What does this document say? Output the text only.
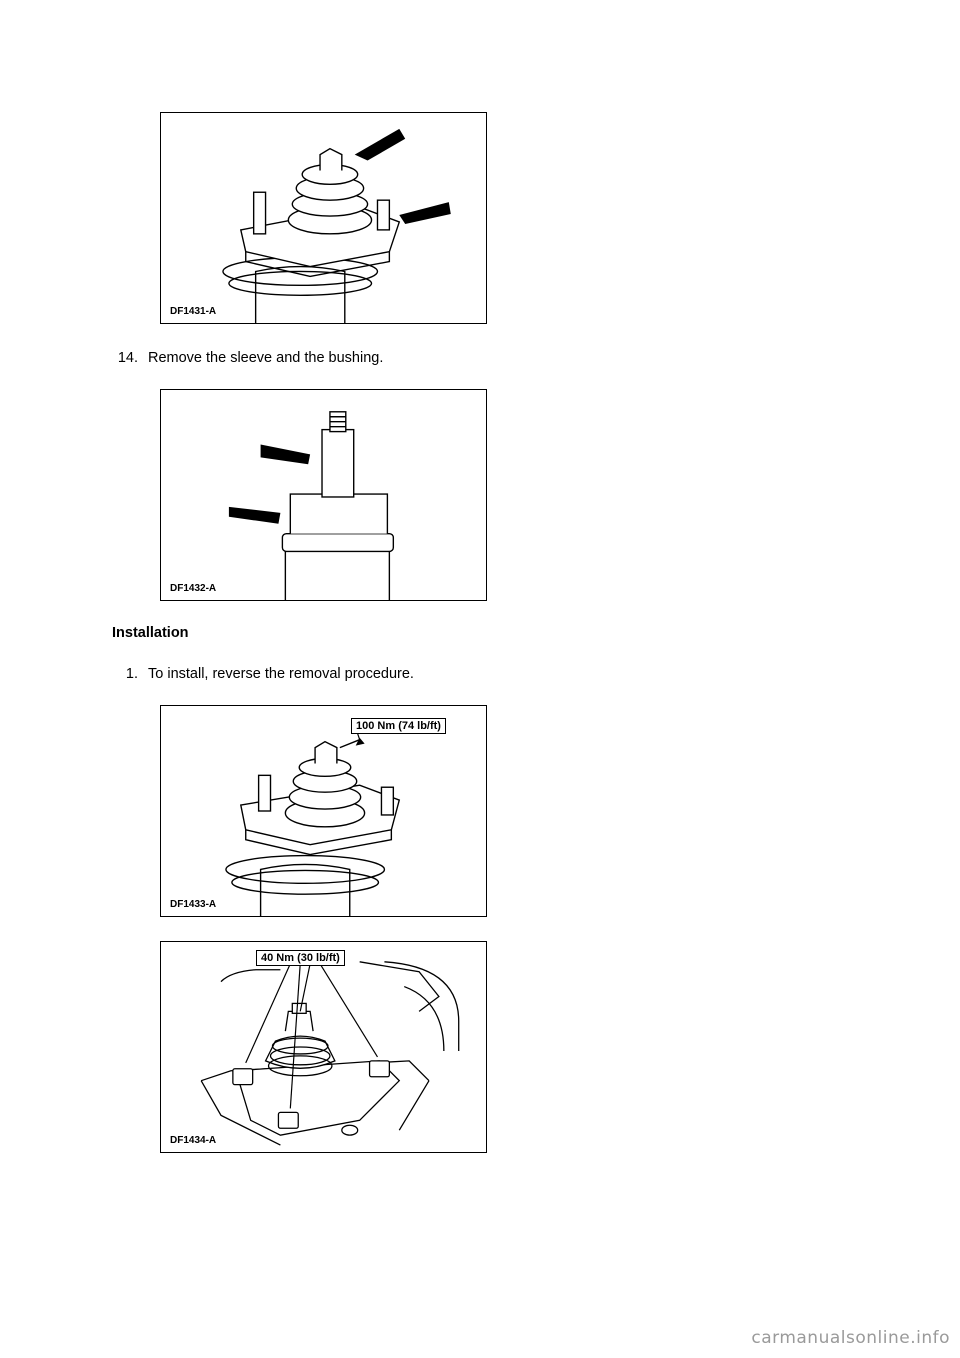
DF1431-A
14. Remove the sleeve and the bushing.
DF1432-A
Installation
1. To install, reverse the removal procedure.
100 Nm (74 lb/ft)
DF1433-A
40 Nm (30 lb/ft)
DF1434-A
carmanualsonline.info
